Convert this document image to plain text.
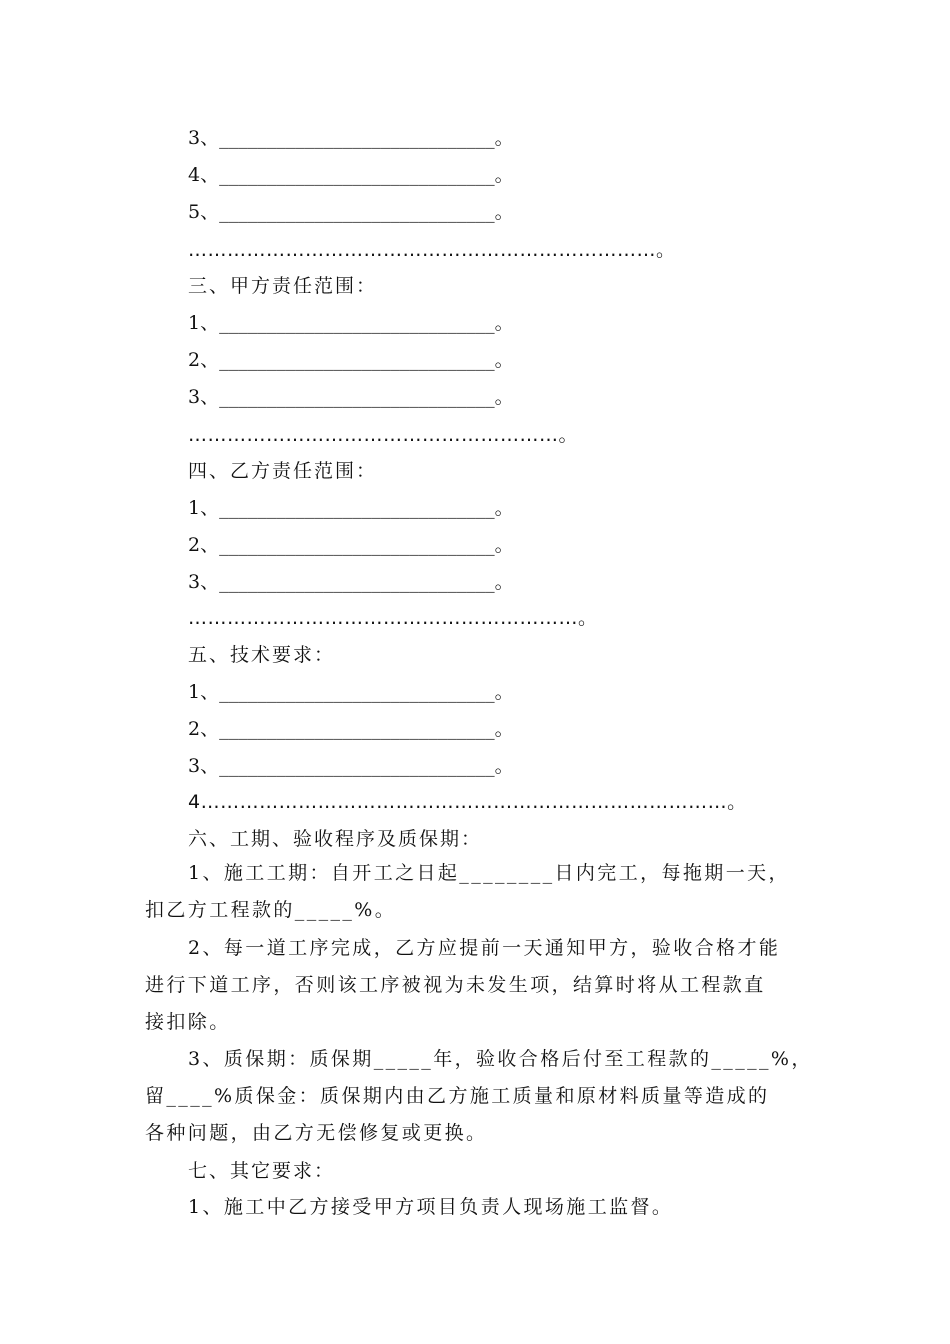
3、_____________________________。
4、_____________________________。
5、_____________________________。
………………………………………………………………。
三、甲方责任范围：
1、_____________________________。
2、_____________________________。
3、_____________________________。
…………………………………………………。
四、乙方责任范围：
1、_____________________________。
2、_____________________________。
3、_____________________________。
……………………………………………………。
五、技术要求：
1、_____________________________。
2、_____________________________。
3、_____________________________。
4………………………………………………………………………。
六、工期、验收程序及质保期：
1、施工工期：自开工之日起________日内完工，每拖期一天，
扣乙方工程款的_____%。
2、每一道工序完成，乙方应提前一天通知甲方，验收合格才能
进行下道工序，否则该工序被视为未发生项，结算时将从工程款直
接扣除。
3、质保期：质保期_____年，验收合格后付至工程款的_____%，
留____%质保金：质保期内由乙方施工质量和原材料质量等造成的
各种问题，由乙方无偿修复或更换。
七、其它要求：
1、施工中乙方接受甲方项目负责人现场施工监督。
